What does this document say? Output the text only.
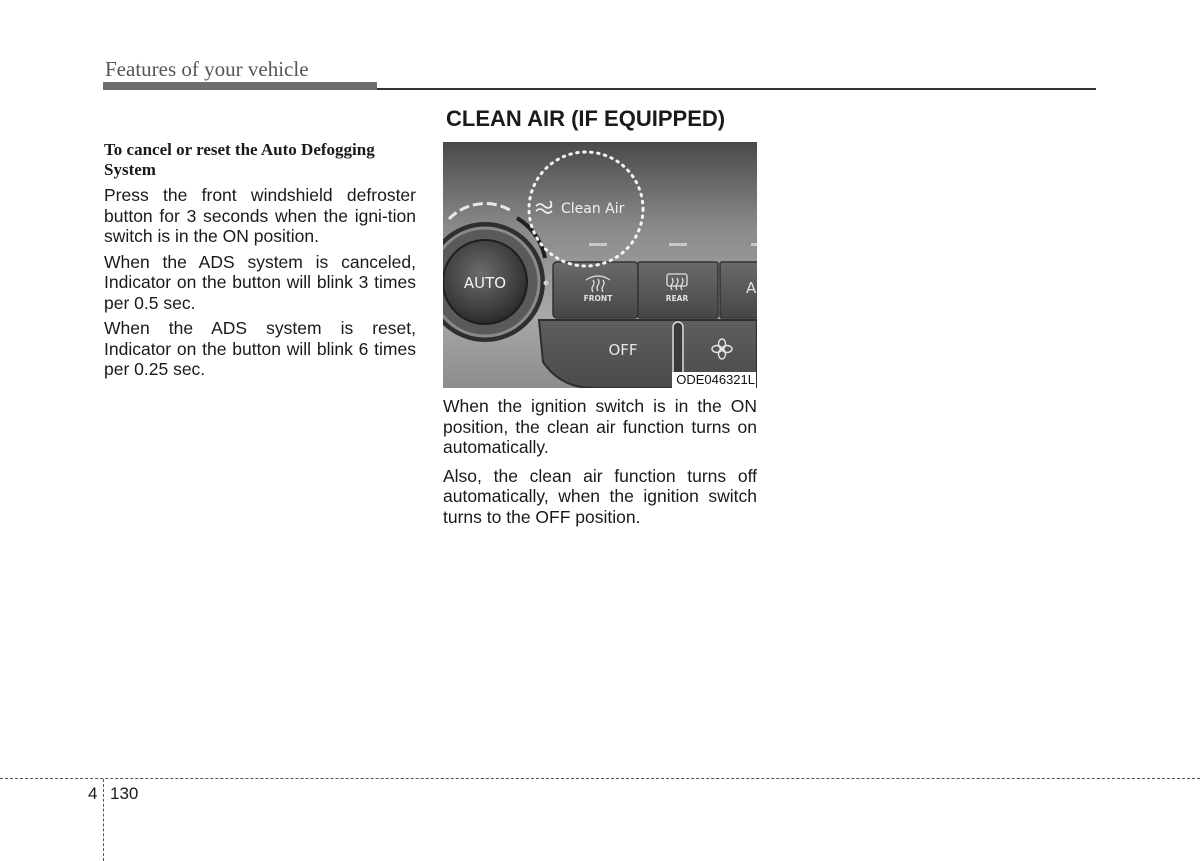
Features of your vehicle
To cancel or reset the Auto Defogging System

Press the front windshield defroster button for 3 seconds when the igni-tion switch is in the ON position.

When the ADS system is canceled, Indicator on the button will blink 3 times per 0.5 sec.

When the ADS system is reset, Indicator on the button will blink 6 times per 0.25 sec.

CLEAN AIR (IF EQUIPPED)
Clean Air
AUTO
FRONT	REAR
A
OFF
ODE046321L

When the ignition switch is in the ON position, the clean air function turns on automatically.

Also, the clean air function turns off automatically, when the ignition switch turns to the OFF position.

4 130
